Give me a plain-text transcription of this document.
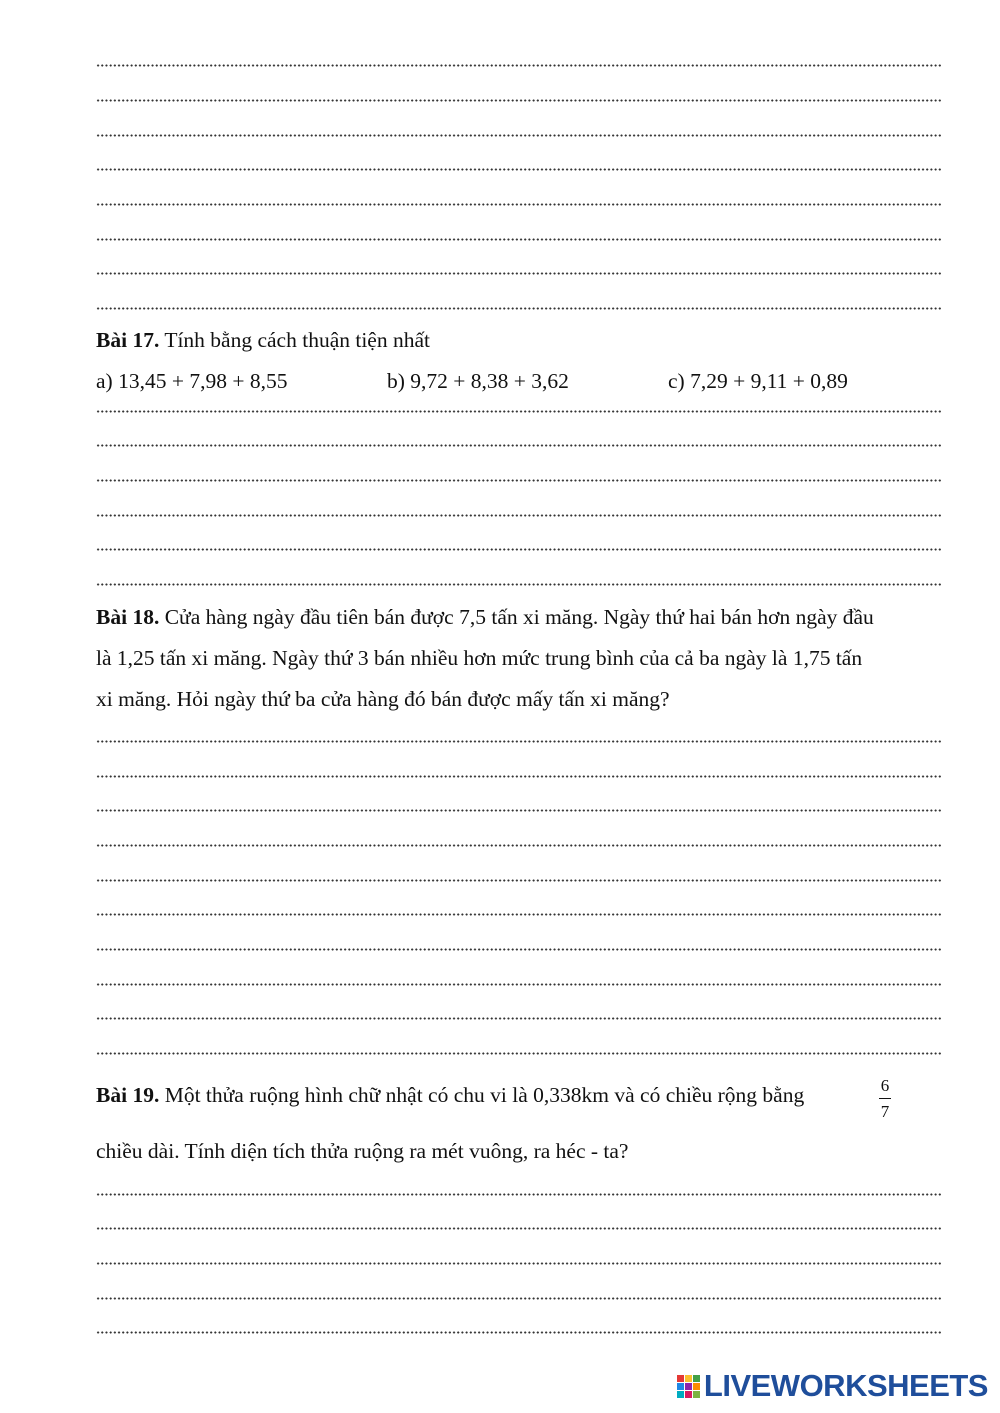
Bài 17. Tính bằng cách thuận tiện nhất
a) 13,45 + 7,98 + 8,55	b) 9,72 + 8,38 + 3,62	c) 7,29 + 9,11 + 0,89
Bài 18. Cửa hàng ngày đầu tiên bán được 7,5 tấn xi măng. Ngày thứ hai bán hơn ngày đầu
là 1,25 tấn xi măng. Ngày thứ 3 bán nhiều hơn mức trung bình của cả ba ngày là 1,75 tấn
xi măng. Hỏi ngày thứ ba cửa hàng đó bán được mấy tấn xi măng?
Bài 19. Một thửa ruộng hình chữ nhật có chu vi là 0,338km và có chiều rộng bằng	6
7
chiều dài. Tính diện tích thửa ruộng ra mét vuông, ra héc - ta?
LIVEWORKSHEETS
